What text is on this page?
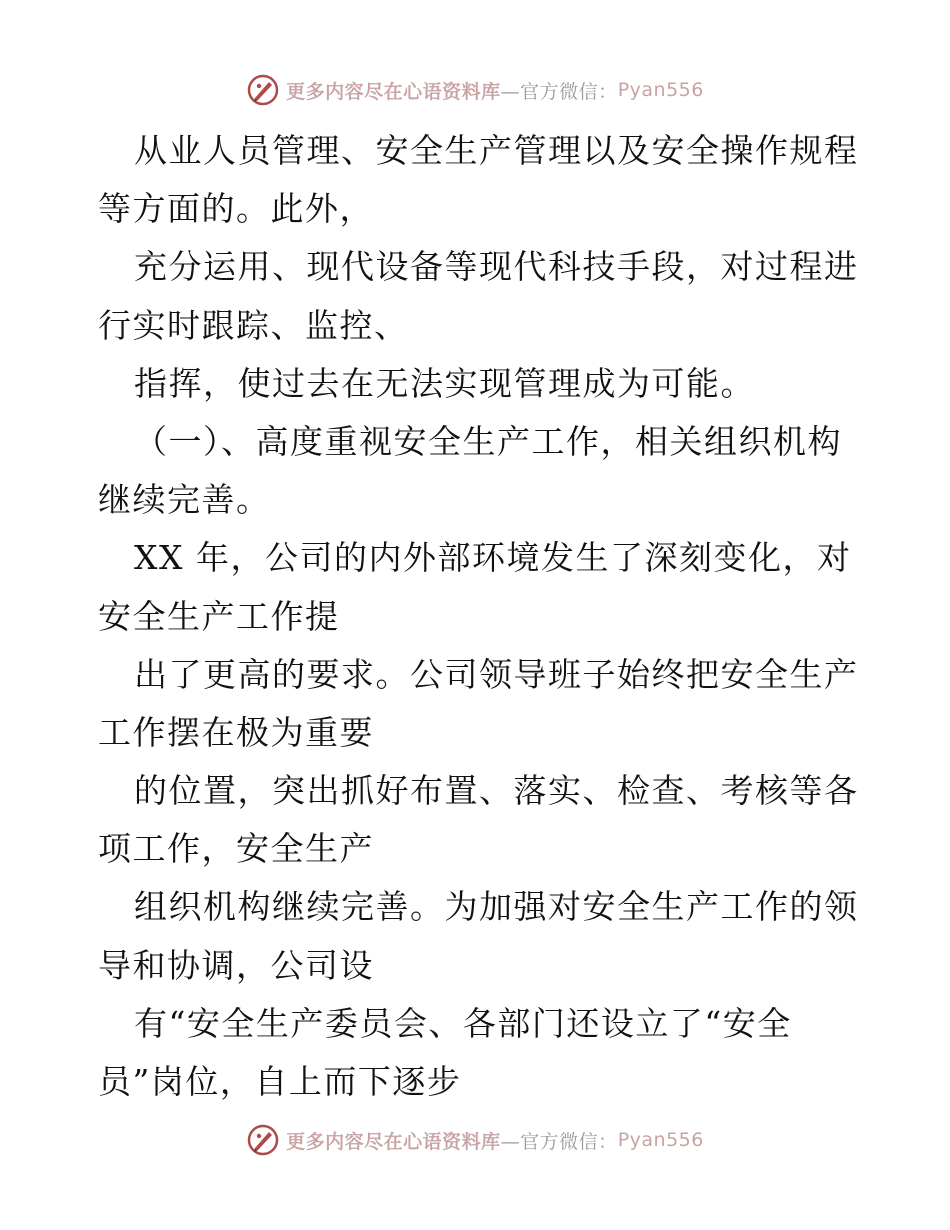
更多内容尽在心语资料库 —官方微信： Pyan556
从业人员管理、安全生产管理以及安全操作规程
等方面的。此外，
充分运用、现代设备等现代科技手段，对过程进
行实时跟踪、监控、
指挥，使过去在无法实现管理成为可能。
（一）、高度重视安全生产工作，相关组织机构
继续完善。
XX 年，公司的内外部环境发生了深刻变化，对
安全生产工作提
出了更高的要求。公司领导班子始终把安全生产
工作摆在极为重要
的位置，突出抓好布置、落实、检查、考核等各
项工作，安全生产
组织机构继续完善。为加强对安全生产工作的领
导和协调，公司设
有“安全生产委员会、各部门还设立了“安全
员”岗位，自上而下逐步
更多内容尽在心语资料库 —官方微信： Pyan556
